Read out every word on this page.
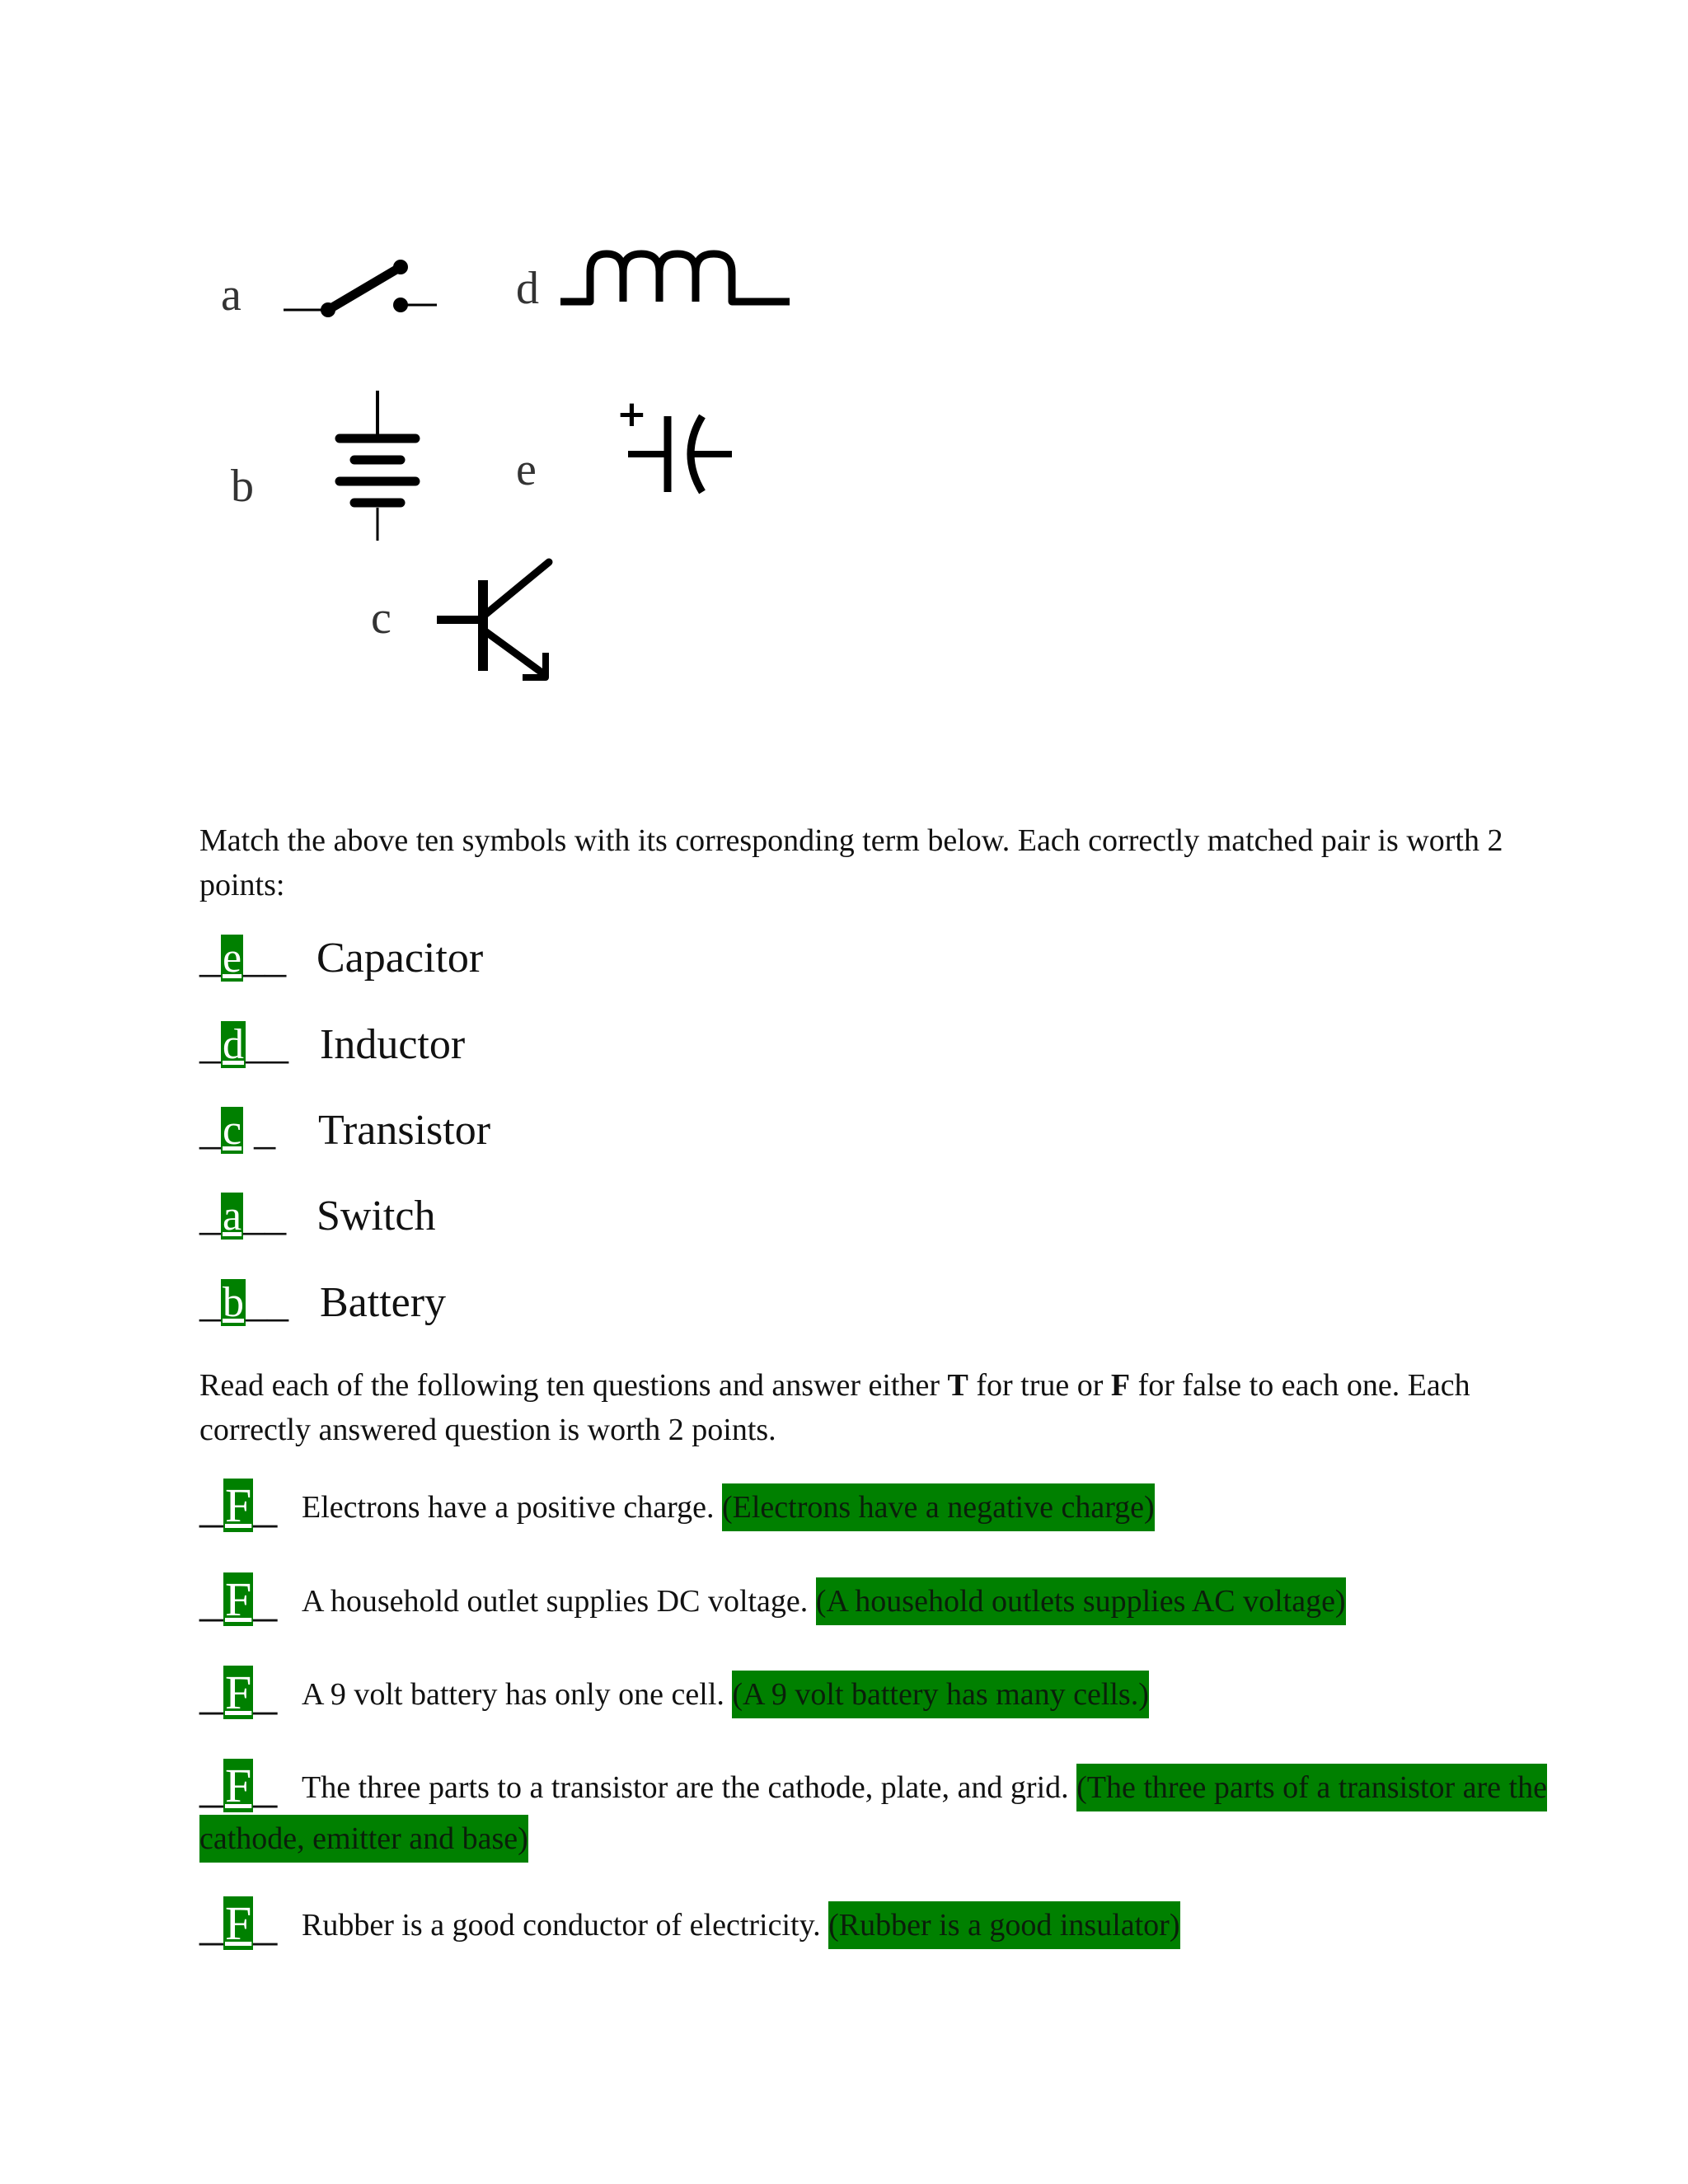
a	d
b	e
+
c

Match the above ten symbols with its corresponding term below. Each correctly matched pair is worth 2 points:

_e__ Capacitor
_d__ Inductor
_c _ Transistor
_a__ Switch
_b__ Battery

Read each of the following ten questions and answer either T for true or F for false to each one. Each correctly answered question is worth 2 points.

_F_ Electrons have a positive charge. (Electrons have a negative charge)

_F_ A household outlet supplies DC voltage. (A household outlets supplies AC voltage)

_F_ A 9 volt battery has only one cell. (A 9 volt battery has many cells.)

_F_ The three parts to a transistor are the cathode, plate, and grid. (The three parts of a transistor are the cathode, emitter and base)

_F_ Rubber is a good conductor of electricity. (Rubber is a good insulator)
